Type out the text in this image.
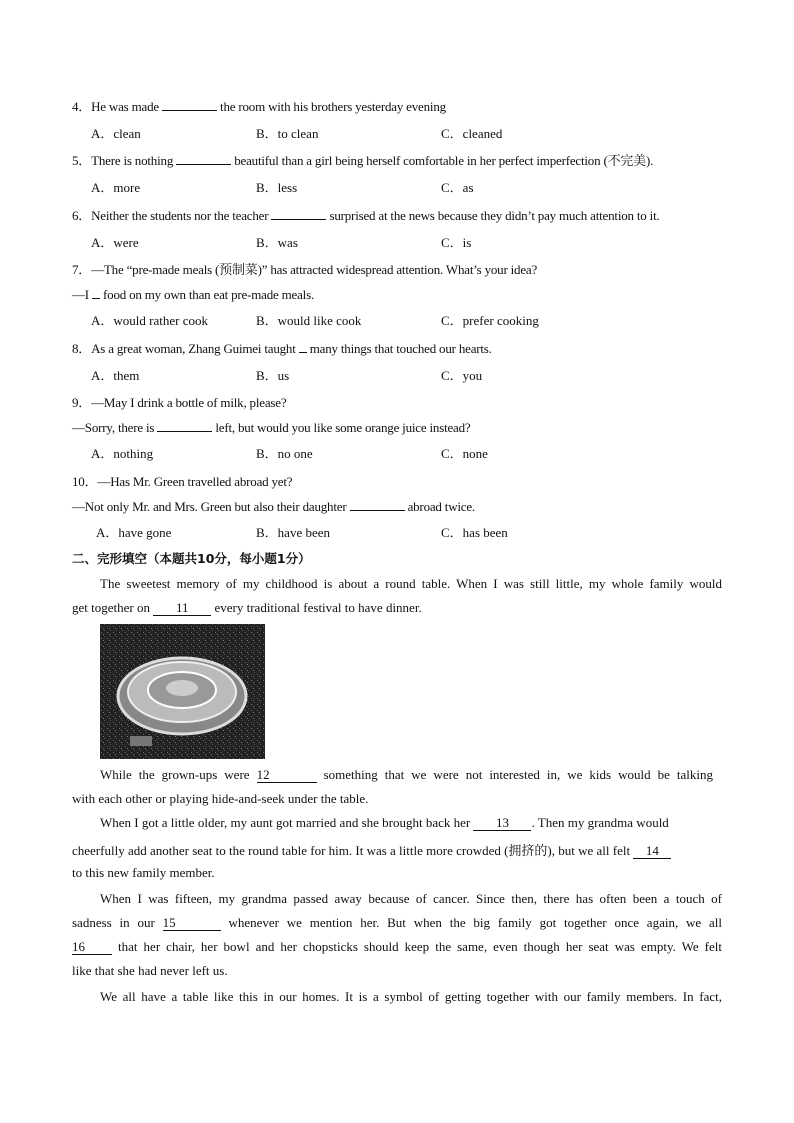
4．He was made	the room with his brothers yesterday evening
A．clean	B．to clean	C．cleaned
5．There is nothing	beautiful than a girl being herself comfortable in her perfect imperfection (不完美).
A．more	B．less	C．as
6．Neither the students nor the teacher	surprised at the news because they didn’t pay much attention to it.
A．were	B．was	C．is
7．—The “pre-made meals (预制菜)” has attracted widespread attention. What’s your idea?
—I  food on my own than eat pre-made meals.
A．would rather cook	B．would like cook	C．prefer cooking
8．As a great woman, Zhang Guimei taught  many things that touched our hearts.
A．them	B．us	C．you
9．—May I drink a bottle of milk, please?
—Sorry, there is	left, but would you like some orange juice instead?
A．nothing	B．no one	C．none
10．—Has Mr. Green travelled abroad yet?
—Not only Mr. and Mrs. Green but also their daughter	abroad twice.
A．have gone	B．have been	C．has been
二、完形填空（本题共10分，每小题1分）
The sweetest memory of my childhood is about a round table. When I was still little, my whole family would
get together on 11 every traditional festival to have dinner.
While the grown-ups were 12	something that we were not interested in, we kids would be talking
with each other or playing hide-and-seek under the table.
When I got a little older, my aunt got married and she brought back her 13 . Then my grandma would
cheerfully add another seat to the round table for him. It was a little more crowded (拥挤的), but we all felt 14
to this new family member.
When I was fifteen, my grandma passed away because of cancer. Since then, there has often been a touch of
sadness in our 15	whenever we mention her. But when the big family got together once again, we all
16 that her chair, her bowl and her chopsticks should keep the same, even though her seat was empty. We felt
like that she had never left us.
We all have a table like this in our homes. It is a symbol of getting together with our family members. In fact,
